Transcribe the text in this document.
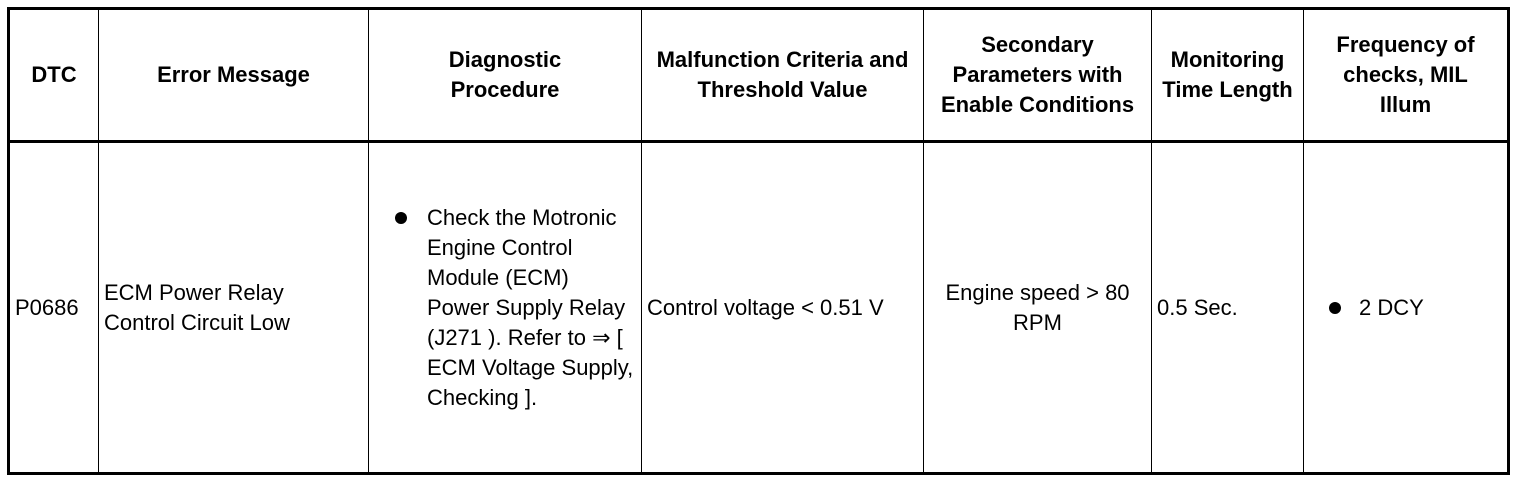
DTC	Error Message	Diagnostic Procedure	Malfunction Criteria and Threshold Value	Secondary Parameters with Enable Conditions	Monitoring Time Length	Frequency of checks, MIL Illum

P0686	ECM Power Relay Control Circuit Low	Check the Motronic Engine Control Module (ECM) Power Supply Relay (J271 ). Refer to ⇒ [ ECM Voltage Supply, Checking ].	Control voltage < 0.51 V	Engine speed > 80 RPM	0.5 Sec.	2 DCY
